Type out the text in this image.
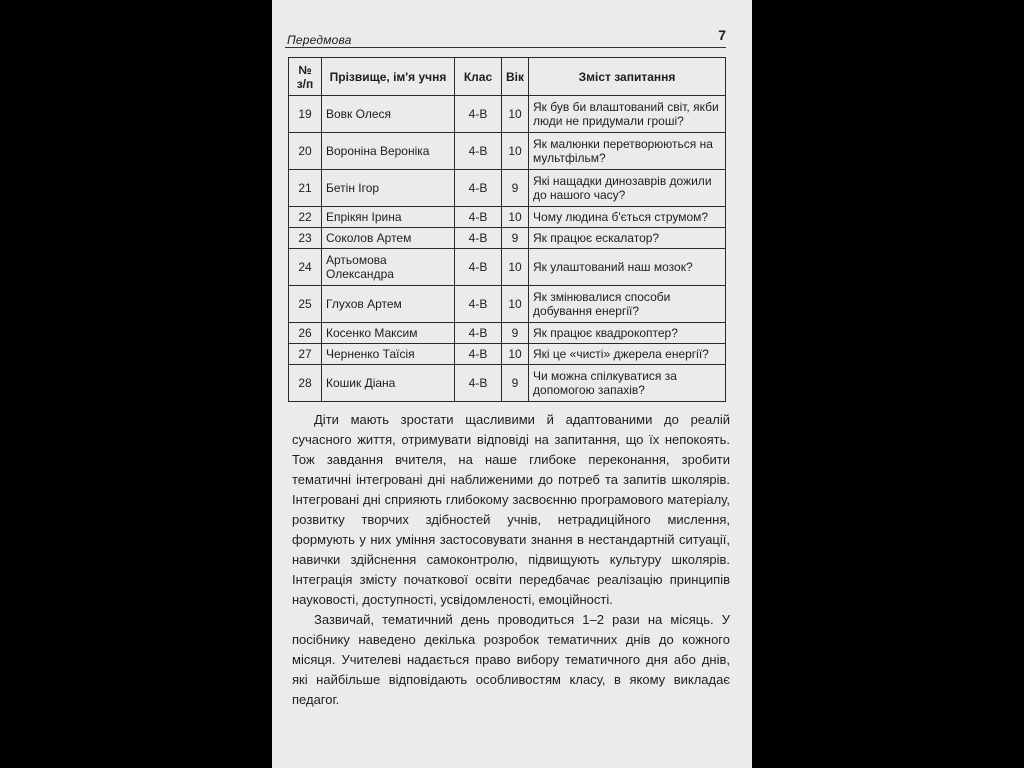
Передмова	7
№ з/п	Прізвище, ім'я учня	Клас	Вік	Зміст запитання
19	Вовк Олеся	4-В	10	Як був би влаштований світ, якби люди не придумали гроші?
20	Вороніна Вероніка	4-В	10	Як малюнки перетворюються на мультфільм?
21	Бетін Ігор	4-В	9	Які нащадки динозаврів дожили до нашого часу?
22	Епрікян Ірина	4-В	10	Чому людина б'ється струмом?
23	Соколов Артем	4-В	9	Як працює ескалатор?
24	Артьомова Олександра	4-В	10	Як улаштований наш мозок?
25	Глухов Артем	4-В	10	Як змінювалися способи добування енергії?
26	Косенко Максим	4-В	9	Як працює квадрокоптер?
27	Черненко Таїсія	4-В	10	Які це «чисті» джерела енергії?
28	Кошик Діана	4-В	9	Чи можна спілкуватися за допомогою запахів?

Діти мають зростати щасливими й адаптованими до реалій сучасного життя, отримувати відповіді на запитання, що їх непокоять. Тож завдання вчителя, на наше глибоке переконання, зробити тематичні інтегровані дні наближеними до потреб та запитів школярів. Інтегровані дні сприяють глибокому засвоєнню програмового матеріалу, розвитку творчих здібностей учнів, нетрадиційного мислення, формують у них уміння застосовувати знання в нестандартній ситуації, навички здійснення самоконтролю, підвищують культуру школярів. Інтеграція змісту початкової освіти передбачає реалізацію принципів науковості, доступності, усвідомленості, емоційності.

Зазвичай, тематичний день проводиться 1–2 рази на місяць. У посібнику наведено декілька розробок тематичних днів до кожного місяця. Учителеві надається право вибору тематичного дня або днів, які найбільше відповідають особливостям класу, в якому викладає педагог.
